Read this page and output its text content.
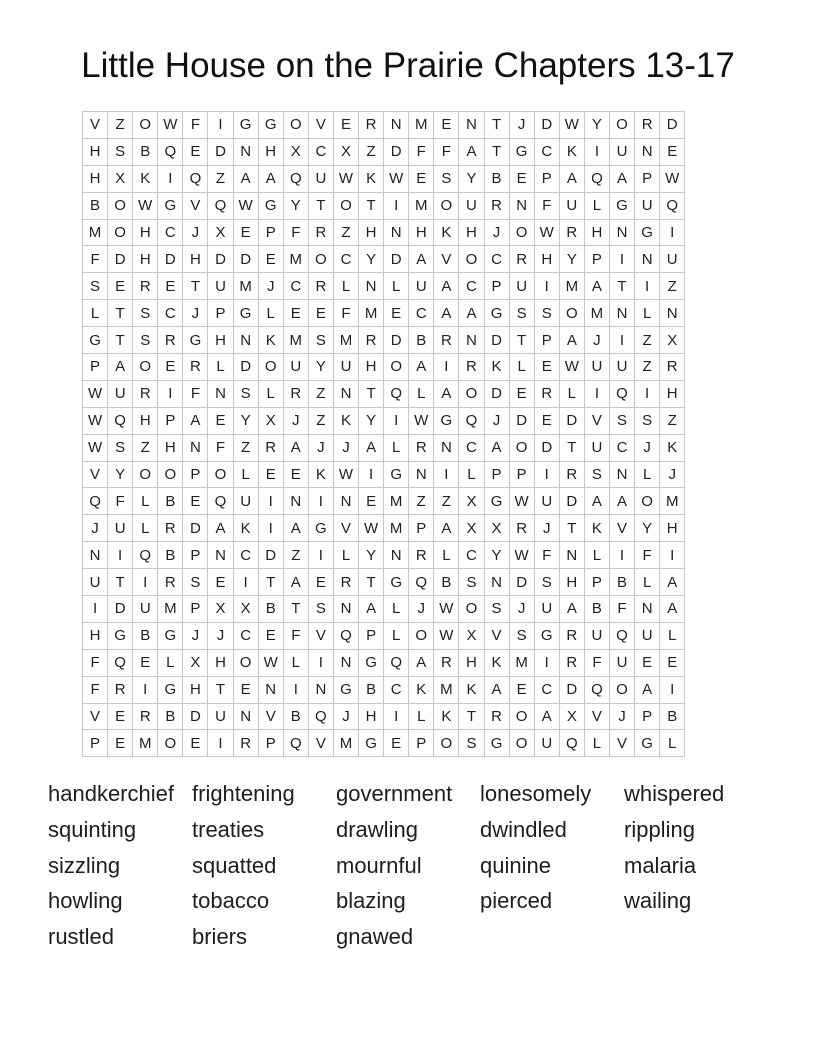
Little House on the Prairie Chapters 13-17
V	Z	O	W	F	I	G	G	O	V	E	R	N	M	E	N	T	J	D	W	Y	O	R	D
H	S	B	Q	E	D	N	H	X	C	X	Z	D	F	F	A	T	G	C	K	I	U	N	E
H	X	K	I	Q	Z	A	A	Q	U	W	K	W	E	S	Y	B	E	P	A	Q	A	P	W
B	O	W	G	V	Q	W	G	Y	T	O	T	I	M	O	U	R	N	F	U	L	G	U	Q
M	O	H	C	J	X	E	P	F	R	Z	H	N	H	K	H	J	O	W	R	H	N	G	I
F	D	H	D	H	D	D	E	M	O	C	Y	D	A	V	O	C	R	H	Y	P	I	N	U
S	E	R	E	T	U	M	J	C	R	L	N	L	U	A	C	P	U	I	M	A	T	I	Z
L	T	S	C	J	P	G	L	E	E	F	M	E	C	A	A	G	S	S	O	M	N	L	N
G	T	S	R	G	H	N	K	M	S	M	R	D	B	R	N	D	T	P	A	J	I	Z	X
P	A	O	E	R	L	D	O	U	Y	U	H	O	A	I	R	K	L	E	W	U	U	Z	R
W	U	R	I	F	N	S	L	R	Z	N	T	Q	L	A	O	D	E	R	L	I	Q	I	H
W	Q	H	P	A	E	Y	X	J	Z	K	Y	I	W	G	Q	J	D	E	D	V	S	S	Z
W	S	Z	H	N	F	Z	R	A	J	J	A	L	R	N	C	A	O	D	T	U	C	J	K
V	Y	O	O	P	O	L	E	E	K	W	I	G	N	I	L	P	P	I	R	S	N	L	J
Q	F	L	B	E	Q	U	I	N	I	N	E	M	Z	Z	X	G	W	U	D	A	A	O	M
J	U	L	R	D	A	K	I	A	G	V	W	M	P	A	X	X	R	J	T	K	V	Y	H
N	I	Q	B	P	N	C	D	Z	I	L	Y	N	R	L	C	Y	W	F	N	L	I	F	I
U	T	I	R	S	E	I	T	A	E	R	T	G	Q	B	S	N	D	S	H	P	B	L	A
I	D	U	M	P	X	X	B	T	S	N	A	L	J	W	O	S	J	U	A	B	F	N	A
H	G	B	G	J	J	C	E	F	V	Q	P	L	O	W	X	V	S	G	R	U	Q	U	L
F	Q	E	L	X	H	O	W	L	I	N	G	Q	A	R	H	K	M	I	R	F	U	E	E
F	R	I	G	H	T	E	N	I	N	G	B	C	K	M	K	A	E	C	D	Q	O	A	I
V	E	R	B	D	U	N	V	B	Q	J	H	I	L	K	T	R	O	A	X	V	J	P	B
P	E	M	O	E	I	R	P	Q	V	M	G	E	P	O	S	G	O	U	Q	L	V	G	L
handkerchief frightening	government	lonesomely	whispered
squinting	treaties	drawling	dwindled	rippling
sizzling	squatted	mournful	quinine	malaria
howling	tobacco	blazing	pierced	wailing
rustled	briers	gnawed
